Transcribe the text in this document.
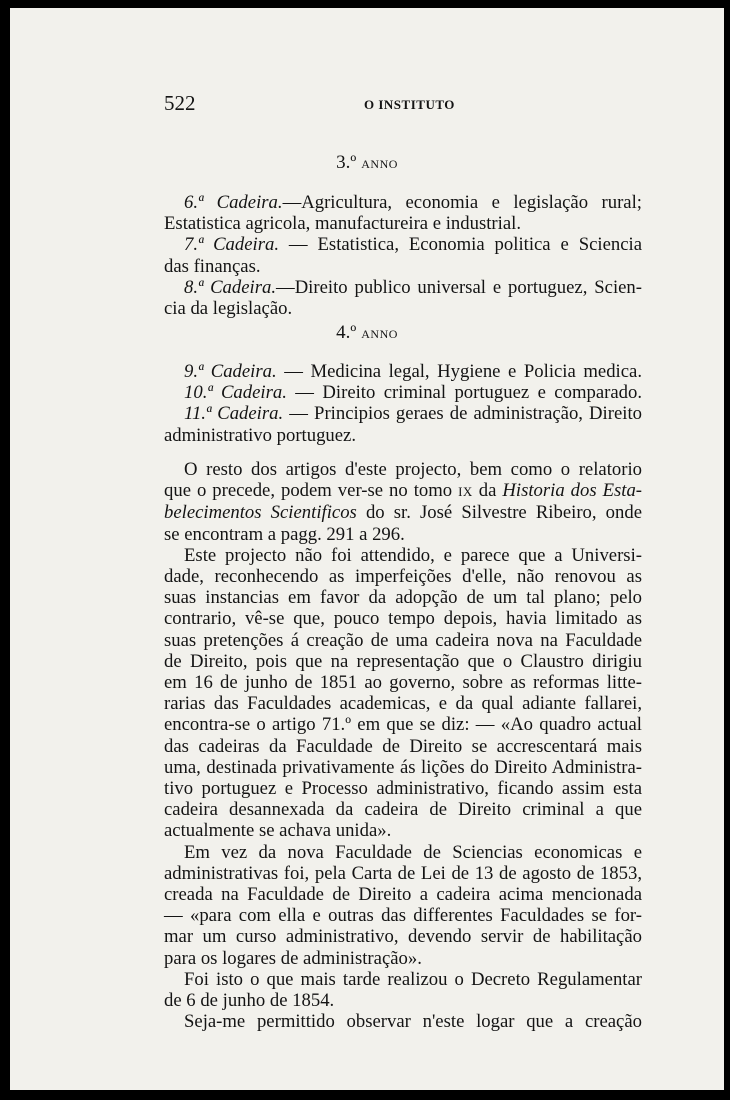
522	O INSTITUTO
3.º ANNO
6.ª Cadeira.—Agricultura, economia e legislação rural;
Estatistica agricola, manufactureira e industrial.
7.ª Cadeira. — Estatistica, Economia politica e Sciencia
das finanças.
8.ª Cadeira.—Direito publico universal e portuguez, Scien-
cia da legislação.
4.º ANNO
9.ª Cadeira. — Medicina legal, Hygiene e Policia medica.
10.ª Cadeira. — Direito criminal portuguez e comparado.
11.ª Cadeira. — Principios geraes de administração, Direito
administrativo portuguez.
O resto dos artigos d'este projecto, bem como o relatorio
que o precede, podem ver-se no tomo IX da Historia dos Esta-
belecimentos Scientificos do sr. José Silvestre Ribeiro, onde
se encontram a pagg. 291 a 296.
Este projecto não foi attendido, e parece que a Universi-
dade, reconhecendo as imperfeições d'elle, não renovou as
suas instancias em favor da adopção de um tal plano; pelo
contrario, vê-se que, pouco tempo depois, havia limitado as
suas pretenções á creação de uma cadeira nova na Faculdade
de Direito, pois que na representação que o Claustro dirigiu
em 16 de junho de 1851 ao governo, sobre as reformas litte-
rarias das Faculdades academicas, e da qual adiante fallarei,
encontra-se o artigo 71.º em que se diz: — «Ao quadro actual
das cadeiras da Faculdade de Direito se accrescentará mais
uma, destinada privativamente ás lições do Direito Administra-
tivo portuguez e Processo administrativo, ficando assim esta
cadeira desannexada da cadeira de Direito criminal a que
actualmente se achava unida».
Em vez da nova Faculdade de Sciencias economicas e
administrativas foi, pela Carta de Lei de 13 de agosto de 1853,
creada na Faculdade de Direito a cadeira acima mencionada
— «para com ella e outras das differentes Faculdades se for-
mar um curso administrativo, devendo servir de habilitação
para os logares de administração».
Foi isto o que mais tarde realizou o Decreto Regulamentar
de 6 de junho de 1854.
Seja-me permittido observar n'este logar que a creação
